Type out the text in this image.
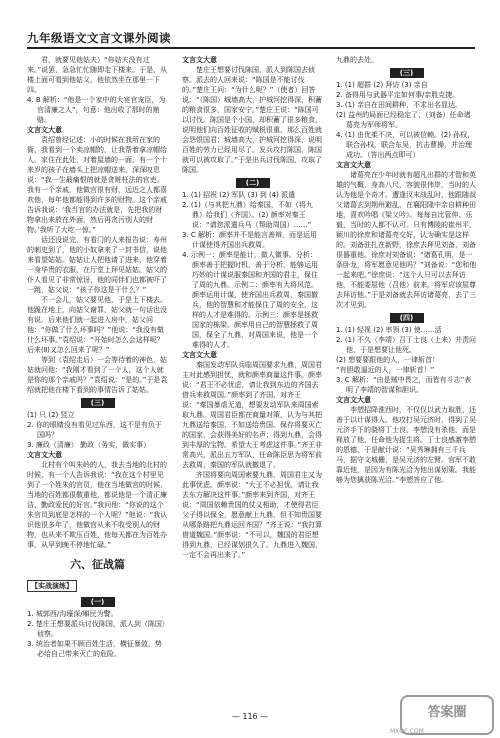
九年级语文文言文课外阅读

君，就要见他姑夫）“你姑夫没有过来。”说罢，急急忙忙随即走下楼来。于是，从楼上面可看到他姑父，他依然坐在那里一下四。

4. B 解析：“他是一个家中的大宦官宠臣，为官清廉之人”，句意：他出收了那时的贿赂。

文言文大意

袁绍曾经记述：小的时候在我所在家的衙，我看到一个卖凉帽的，让我帮着拿凉帽给人。家住在此处，对着屋墙的一面，有一个十来岁的孩子在墙头上把凉帽送来，深深叹息说：“我一生最痛恨的就是贪赃枉法的官吏。我有一个亲戚，他做官很有财，远近之人都喜欢他，每年他都能得到许多的财物。这个亲戚告诉我说：‘我当官的办法就是，先把我的财物拿出来放在外面，然后再贪污别人的财物。’我听了大吃一惊。”

话还没说完，有看门的人来报告说：寿州的刺史到了，他的小奴拿来了一封书信，说他来看望姑姑。姑姑让人把他请了进来，他穿着一身华贵的衣服，在厅堂上拜见姑姑。姑父的仆人看见了非常惊讶，他的同伴们也都被吓了一跳，姑父说：“孩子你这是干什么？”

不一会儿，姑父要见他，于是上下楼去。他跪在地上，向姑父谢罪，姑父就一句话也没有说。后来他们就一起进入房中，姑父问他：“你做了什么坏事吗？”他说：“我没有做什么坏事。”袁绍说：“开始时怎么会这样呢？后来(Ⅱ)又怎么回来了呢？”

等到（袁绍走后）一会等待着的神色，姑姑就问他：“我刚才看到了一个人，这个人就是你的那个亲戚吗？”袁绍说：“是的。”于是袁绍就把他在楼下看到的事情告诉了姑姑。

(三)

(1) 只 (2) 竖立

2. 你的眼睛没有看见过东西，这不是有负于国吗？

3. 廉政（清廉） 勤政（务实，做实事）

文言文大意

北村有个叫朱岭的人，我去当地的北村的时候，有一个人告诉我说：“我在这个村里见到了一个姓朱的官员，他在当地做官的时候，当地的百姓都很敬重他，都说他是一个清正廉洁、勤政爱民的好官。”我问他：“你说的这个朱官员到底是怎样的一个人呢？”他说：“我认识他很多年了，他做官从来不收受别人的财物，也从来不欺压百姓，他每天都在为百姓办事，从早到晚不停地忙碌。”

六、征战篇
【实战演练】
(一)

1. 城郭西/沟壕深/厢民为警。

2. 楚庄王想要派兵讨伐陈国，派人到（陈国）侦察。

3. 统治者如果不顾百姓生活，横征暴敛，势必给自己带来灭亡的危险。

文言文大意

楚庄王想要讨伐陈国，派人到陈国去侦察。派去的人回来说：“陈国是不能讨伐的。”楚庄王问：“为什么呢？”（使者）回答说：“（陈国）城墙高大，护城河挖得深，积蓄的粮食很多，国家安宁。”楚庄王说：“陈国可以讨伐。陈国是个小国，却积蓄了很多粮食，说明他们向百姓征收的赋税很重，那么百姓就会怨恨国君；城墙高大，护城河挖得深，说明百姓的劳力已经用尽了。发兵攻打陈国，陈国就可以被攻取了。”于是出兵讨伐陈国，攻取了陈国。

(二)

1. (1) 招祝 (2) 军队 (3) 到 (4) 派遣

2. (1)（与其把九鼎）给秦国，不如（将九鼎）给我们（齐国）。(2) 颜率对秦王说：“请您派遣兵马（帮助周国）……”

3. C 解析：颜率并不是能言善辩，而是运用计谋使得齐国出兵救周。

4. 示例一：颜率是能计，做人微事。分析：颜率善于把握时机，善于分析，能够运用巧妙的计谋说服秦国和齐国的君主，保住了周的九鼎。示例二：颜率有大将风范。颜率运用计谋，使齐国出兵救周，秦国撤兵，他的智慧和才能保住了周的安全，这样的人才是难得的。示例三：颜率是拯救国家的栋梁。颜率用自己的智慧拯救了周国，保全了九鼎，对周国来说，他是一个难得的人才。

文言文大意

秦国发动军队兵临周国要求九鼎，周国君主对此感到担忧，就和颜率商量这件事。颜率说：“君王不必忧虑，请让我到东边的齐国去借兵来救周国。”颜率到了齐国，对齐王说：“秦国暴虐无道，想要发动军队来周国索取九鼎。周国君臣都在商量对策，认为与其把九鼎送给秦国，不如送给贵国。保存将要灭亡的国家，会获得美好的名声；得到九鼎，会得到丰厚的宝物。希望大王考虑这件事。”齐王非常高兴，派出五万军队，任命陈臣思为将军前去救周，秦国的军队就撤退了。

齐国将要向周国索要九鼎，周国君主又为此事忧虑。颜率说：“大王不必担忧，请让我去东方解决这件事。”颜率来到齐国，对齐王说：“周国依赖贵国的仗义相助，才使得君臣父子得以保全，愿意献上九鼎，但不知贵国要从哪条路把九鼎运回齐国？”齐王说：“我打算借道魏国。”颜率说：“不可以，魏国的君臣想得到九鼎，已经谋划很久了。九鼎进入魏国，一定不会再出来了。”

九鼎的去处。

(三)

1. (1) 超群 (2) 拜访 (3) 亲自

2. 备得用与武器平定如何事/亲胜克捷。

3. (1) 亲自在田间耕种，不求出名显达。

(2) 益州的局面已经稳定了，（刘备）任命诸葛亮为军师将军。

4. (1) 由优柔不决，可以被信赖。(2) 孙权，联合孙权，联合东吴，抗击曹操，并治理成功。（答出两点即可）

文言文大意

诸葛亮在少年时就有超凡出群的才智和英雄的气概，身高八尺，容貌很伟岸，当时的人认为他是个奇才。遭逢汉末战乱时，他跟随叔父诸葛玄到荆州避乱，在襄阳隆中亲自耕种田地，喜欢吟唱《梁父吟》。每每自比管仲、乐毅，当时的人都不认可。只有博陵的崔州平、颍川的徐庶和诸葛亮交好，认为确实是这样的。刘备驻扎在新野，徐庶去拜见刘备，刘备很器重他。徐庶对刘备说：“诸葛孔明，是一条卧龙，将军愿意见他吗？”刘备说：“您和他一起来吧。”徐庶说：“这个人只可以去拜访他，不能委屈他（召他）前来。将军应该屈尊去拜访他。”于是刘备就去拜访诸葛亮，去了三次才见到。

(四)

1. (1) 轻视 (2) 率领 (3) 使……活

2. (1) 不久（李靖）召丁士良（上来）并责问他，于是想要让他死。

(2) 想要要跟他的人，一律斩首！

“有胆敢逼近的人，一律斩首！”

3. C 解析：“由是贼中畏之，而皆有斗志”表明了李靖的智谋和胆识。

文言文大意

李愬招降淮西时，不仅仅以武力取胜，还善于以计谋得人。他攻打吴元济时，得到了吴元济手下的骁将丁士良，李愬没有杀他，而是释放了他，任命他为捉生将。丁士良感激李愬的恩德，于是献计说：“吴秀琳拥有三千兵马，据守文城栅，是吴元济的左臂。官军不敢靠近他，是因为有陈光洽为他出谋划策。我能够为您擒获陈光洽。”李愬答应了他。

— 116 —	答案圈
MXQE.COM
